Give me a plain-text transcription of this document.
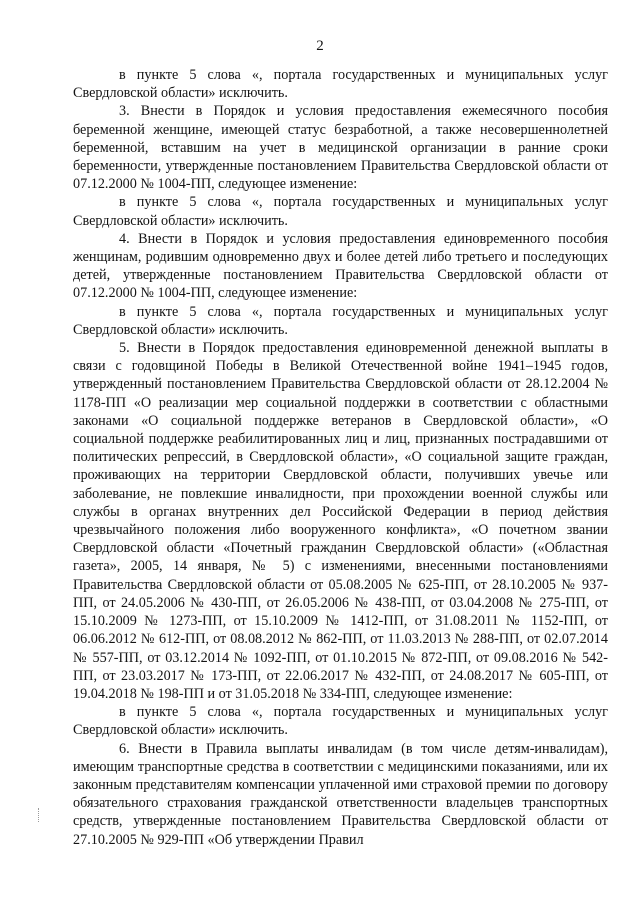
2

в пункте 5 слова «, портала государственных и муниципальных услуг Свердловской области» исключить.

3. Внести в Порядок и условия предоставления ежемесячного пособия беременной женщине, имеющей статус безработной, а также несовершеннолетней беременной, вставшим на учет в медицинской организации в ранние сроки беременности, утвержденные постановлением Правительства Свердловской области от 07.12.2000 № 1004-ПП, следующее изменение:

в пункте 5 слова «, портала государственных и муниципальных услуг Свердловской области» исключить.

4. Внести в Порядок и условия предоставления единовременного пособия женщинам, родившим одновременно двух и более детей либо третьего и последующих детей, утвержденные постановлением Правительства Свердловской области от 07.12.2000 № 1004-ПП, следующее изменение:

в пункте 5 слова «, портала государственных и муниципальных услуг Свердловской области» исключить.

5. Внести в Порядок предоставления единовременной денежной выплаты в связи с годовщиной Победы в Великой Отечественной войне 1941–1945 годов, утвержденный постановлением Правительства Свердловской области от 28.12.2004 № 1178-ПП «О реализации мер социальной поддержки в соответствии с областными законами «О социальной поддержке ветеранов в Свердловской области», «О социальной поддержке реабилитированных лиц и лиц, признанных пострадавшими от политических репрессий, в Свердловской области», «О социальной защите граждан, проживающих на территории Свердловской области, получивших увечье или заболевание, не повлекшие инвалидности, при прохождении военной службы или службы в органах внутренних дел Российской Федерации в период действия чрезвычайного положения либо вооруженного конфликта», «О почетном звании Свердловской области «Почетный гражданин Свердловской области» («Областная газета», 2005, 14 января, № 5) с изменениями, внесенными постановлениями Правительства Свердловской области от 05.08.2005 № 625-ПП, от 28.10.2005 № 937-ПП, от 24.05.2006 № 430-ПП, от 26.05.2006 № 438-ПП, от 03.04.2008 № 275-ПП, от 15.10.2009 № 1273-ПП, от 15.10.2009 № 1412-ПП, от 31.08.2011 № 1152-ПП, от 06.06.2012 № 612-ПП, от 08.08.2012 № 862-ПП, от 11.03.2013 № 288-ПП, от 02.07.2014 № 557-ПП, от 03.12.2014 № 1092-ПП, от 01.10.2015 № 872-ПП, от 09.08.2016 № 542-ПП, от 23.03.2017 № 173-ПП, от 22.06.2017 № 432-ПП, от 24.08.2017 № 605-ПП, от 19.04.2018 № 198-ПП и от 31.05.2018 № 334-ПП, следующее изменение:

в пункте 5 слова «, портала государственных и муниципальных услуг Свердловской области» исключить.

6. Внести в Правила выплаты инвалидам (в том числе детям-инвалидам), имеющим транспортные средства в соответствии с медицинскими показаниями, или их законным представителям компенсации уплаченной ими страховой премии по договору обязательного страхования гражданской ответственности владельцев транспортных средств, утвержденные постановлением Правительства Свердловской области от 27.10.2005 № 929-ПП «Об утверждении Правил
